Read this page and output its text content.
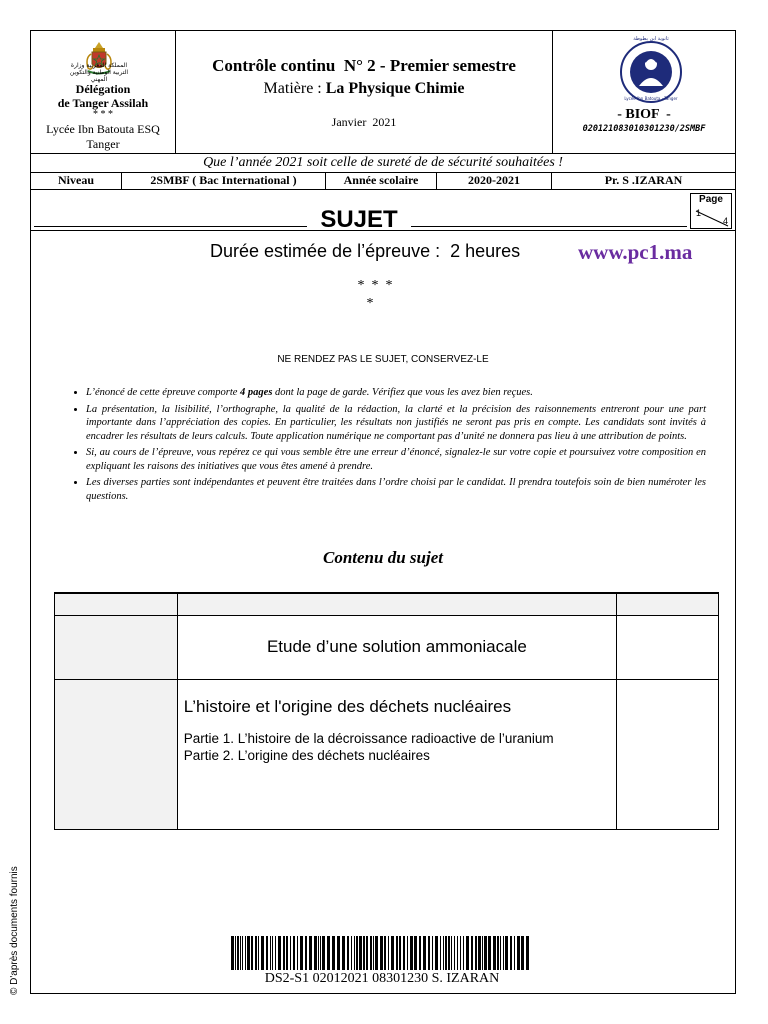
المملكة المغربية وزارة التربية الوطنية والتكوين المهني
Délégation
de Tanger Assilah
* * *
Lycée Ibn Batouta ESQ
Tanger
Contrôle continu  N° 2 - Premier semestre
Matière : La Physique Chimie
Janvier  2021
ثانوية ابن بطوطة
Lycée Ibn Batouta · Tanger
1909
- BIOF  -
020121083010301230/2SMBF
Que l’année 2021 soit celle de sureté de de sécurité souhaitées !
Niveau	2SMBF ( Bac International )	Année scolaire	2020-2021	Pr. S .IZARAN
SUJET
Page
1
4
Durée estimée de l’épreuve :  2 heures	www.pc1.ma
*  *  *
*
NE RENDEZ PAS LE SUJET, CONSERVEZ-LE
• L’énoncé de cette épreuve comporte 4 pages dont la page de garde. Vérifiez que vous les avez bien reçues.
• La présentation, la lisibilité, l’orthographe, la qualité de la rédaction, la clarté et la précision des raisonnements entreront pour une part importante dans l’appréciation des copies. En particulier, les résultats non justifiés ne seront pas pris en compte. Les candidats sont invités à encadrer les résultats de leurs calculs. Toute application numérique ne comportant pas d’unité ne donnera pas lieu à une attribution de points.
• Si, au cours de l’épreuve, vous repérez ce qui vous semble être une erreur d’énoncé, signalez-le sur votre copie et poursuivez votre composition en expliquant les raisons des initiatives que vous êtes amené à prendre.
• Les diverses parties sont indépendantes et peuvent être traitées dans l’ordre choisi par le candidat. Il prendra toutefois soin de bien numéroter les questions.
Contenu du sujet

	Etude d’une solution ammoniacale	

	L’histoire et l'origine des déchets nucléaires
Partie 1. L’histoire de la décroissance radioactive de l’uranium
Partie 2. L’origine des déchets nucléaires	

DS2-S1 02012021 08301230 S. IZARAN
© D'après documents fournis
